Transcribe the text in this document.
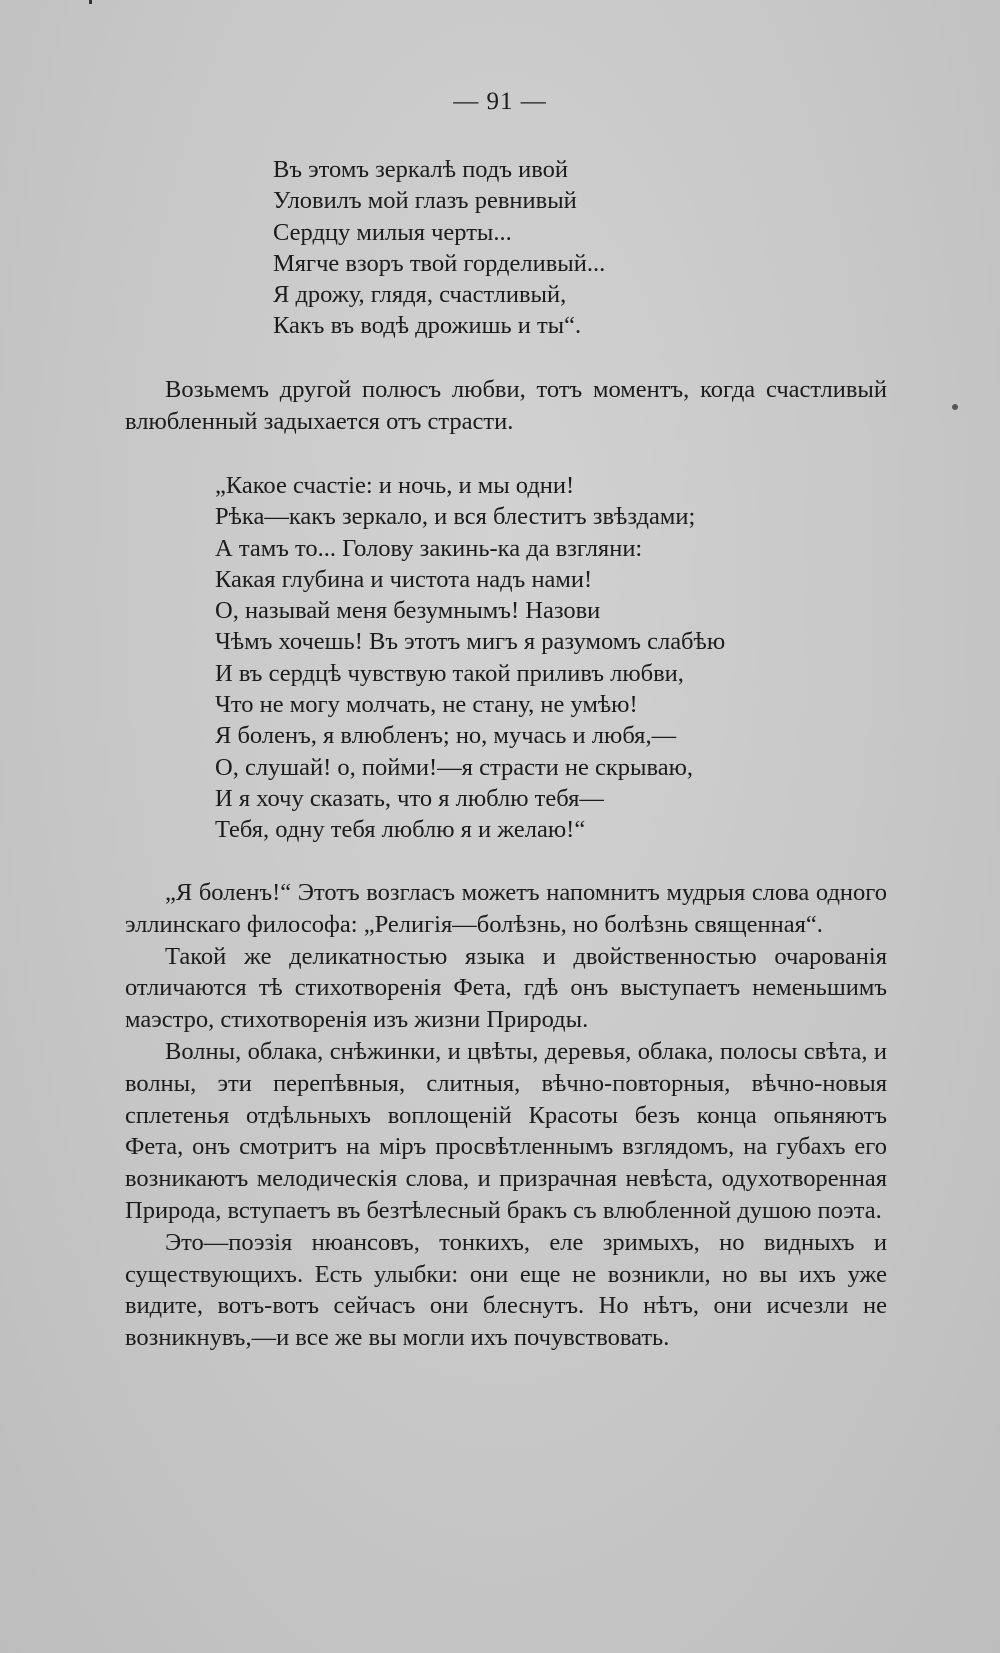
— 91 —
Въ этомъ зеркалѣ подъ ивой
Уловилъ мой глазъ ревнивый
Сердцу милыя черты...
Мягче взоръ твой горделивый...
Я дрожу, глядя, счастливый,
Какъ въ водѣ дрожишь и ты“.

Возьмемъ другой полюсъ любви, тотъ моментъ, когда счастливый влюбленный задыхается отъ страсти.

„Какое счастіе: и ночь, и мы одни!
Рѣка—какъ зеркало, и вся блеститъ звѣздами;
А тамъ то... Голову закинь-ка да взгляни:
Какая глубина и чистота надъ нами!
О, называй меня безумнымъ! Назови
Чѣмъ хочешь! Въ этотъ мигъ я разумомъ слабѣю
И въ сердцѣ чувствую такой приливъ любви,
Что не могу молчать, не стану, не умѣю!
Я боленъ, я влюбленъ; но, мучась и любя,—
О, слушай! о, пойми!—я страсти не скрываю,
И я хочу сказать, что я люблю тебя—
Тебя, одну тебя люблю я и желаю!“

„Я боленъ!“ Этотъ возгласъ можетъ напомнитъ мудрыя слова одного эллинскаго философа: „Религія—болѣзнь, но болѣзнь священная“.

Такой же деликатностью языка и двойственностью очарованія отличаются тѣ стихотворенія Фета, гдѣ онъ выступаетъ неменьшимъ маэстро, стихотворенія изъ жизни Природы.

Волны, облака, снѣжинки, и цвѣты, деревья, облака, полосы свѣта, и волны, эти перепѣвныя, слитныя, вѣчно-повторныя, вѣчно-новыя сплетенья отдѣльныхъ воплощеній Красоты безъ конца опьяняютъ Фета, онъ смотритъ на міръ просвѣтленнымъ взглядомъ, на губахъ его возникаютъ мелодическія слова, и призрачная невѣста, одухотворенная Природа, вступаетъ въ безтѣлесный бракъ съ влюбленной душою поэта.

Это—поэзія нюансовъ, тонкихъ, еле зримыхъ, но видныхъ и существующихъ. Есть улыбки: они еще не возникли, но вы ихъ уже видите, вотъ-вотъ сейчасъ они блеснутъ. Но нѣтъ, они исчезли не возникнувъ,—и все же вы могли ихъ почувствовать.
